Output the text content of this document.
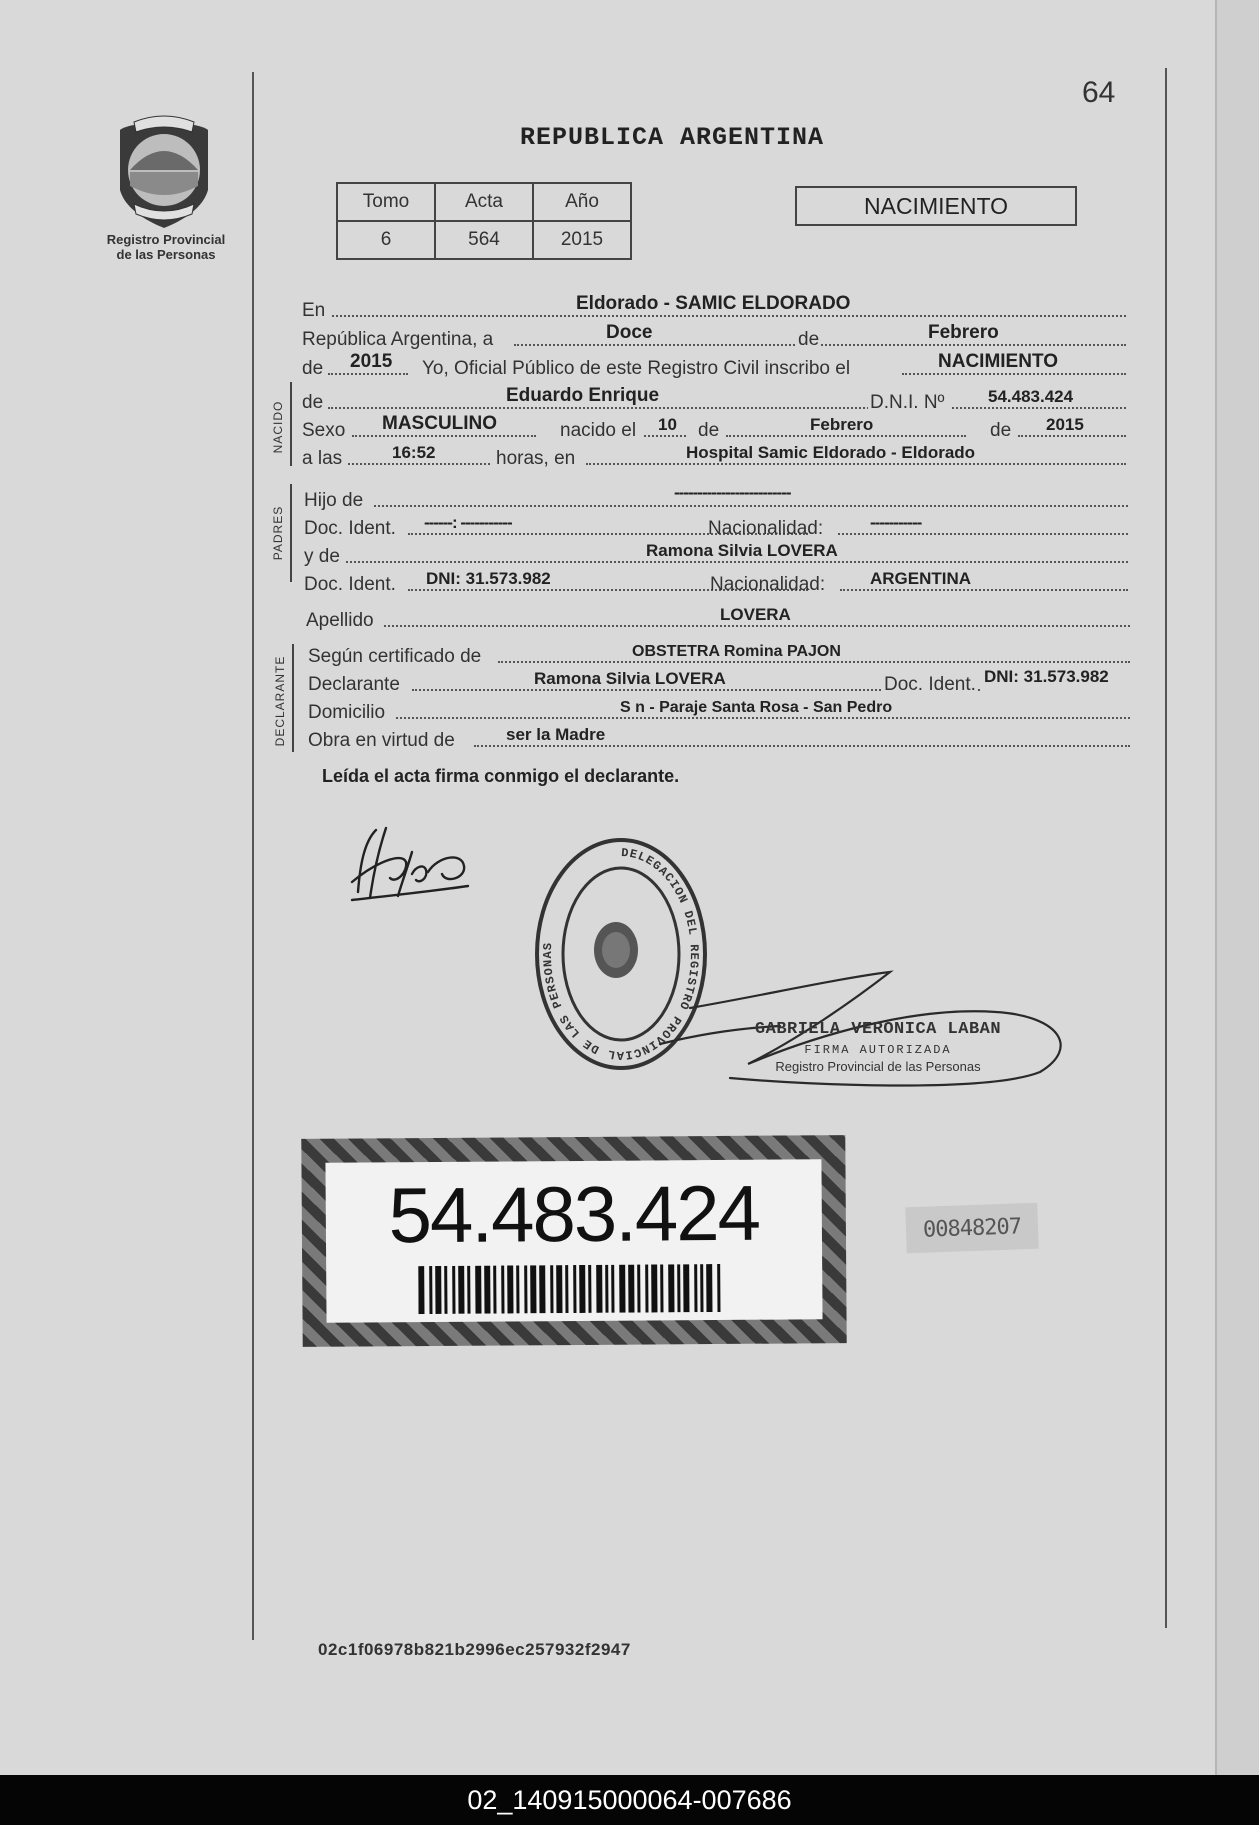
Registro Provincial
de las Personas
64
REPUBLICA ARGENTINA
Tomo	Acta	Año
6	564	2015
NACIMIENTO
En	Eldorado - SAMIC ELDORADO
República Argentina, a	Doce	de	Febrero
de 2015 Yo, Oficial Público de este Registro Civil inscribo el	NACIMIENTO
NACIDO de	Eduardo Enrique	D.N.I. Nº	54.483.424
Sexo MASCULINO	nacido el 10 de	Febrero	de 2015
a las	16:52	horas, en	Hospital Samic Eldorado - Eldorado
PADRES
Hijo de	-------------------------
Doc. Ident. ------: -----------	Nacionalidad:	-----------
y de	Ramona Silvia LOVERA
Doc. Ident. DNI: 31.573.982	Nacionalidad:	ARGENTINA
Apellido	LOVERA
DECLARANTE Según certificado de	OBSTETRA Romina PAJON
Declarante	Ramona Silvia LOVERA	Doc. Ident. DNI: 31.573.982
Domicilio	S n - Paraje Santa Rosa - San Pedro
Obra en virtud de	ser la Madre
Leída el acta firma conmigo el declarante.
DELEGACION DEL REGISTRO PROVINCIAL DE LAS PERSONAS
GABRIELA VERONICA LABAN
FIRMA AUTORIZADA
Registro Provincial de las Personas
54.483.424	00848207
02c1f06978b821b2996ec257932f2947
02_140915000064-007686
